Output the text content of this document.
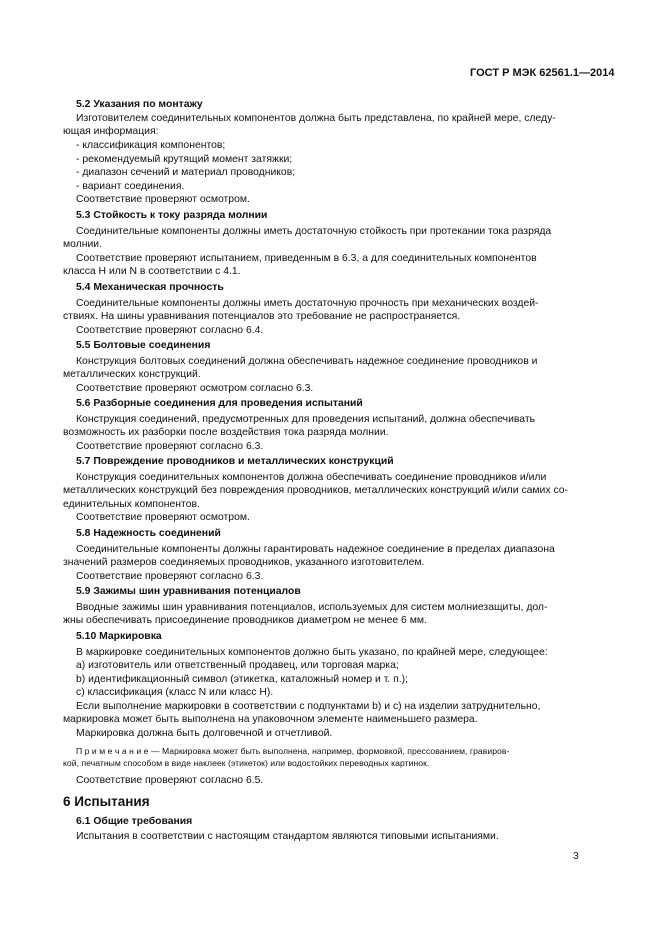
ГОСТ Р МЭК 62561.1—2014
5.2 Указания по монтажу
Изготовителем соединительных компонентов должна быть представлена, по крайней мере, следу-
ющая информация:
- классификация компонентов;
- рекомендуемый крутящий момент затяжки;
- диапазон сечений и материал проводников;
- вариант соединения.
Соответствие проверяют осмотром.
5.3 Стойкость к току разряда молнии
Соединительные компоненты должны иметь достаточную стойкость при протекании тока разряда
молнии.
Соответствие проверяют испытанием, приведенным в 6.3, а для соединительных компонентов
класса H или N в соответствии с 4.1.
5.4 Механическая прочность
Соединительные компоненты должны иметь достаточную прочность при механических воздей-
ствиях. На шины уравнивания потенциалов это требование не распространяется.
Соответствие проверяют согласно 6.4.
5.5 Болтовые соединения
Конструкция болтовых соединений должна обеспечивать надежное соединение проводников и
металлических конструкций.
Соответствие проверяют осмотром согласно 6.3.
5.6 Разборные соединения для проведения испытаний
Конструкция соединений, предусмотренных для проведения испытаний, должна обеспечивать
возможность их разборки после воздействия тока разряда молнии.
Соответствие проверяют согласно 6.3.
5.7 Повреждение проводников и металлических конструкций
Конструкция соединительных компонентов должна обеспечивать соединение проводников и/или
металлических конструкций без повреждения проводников, металлических конструкций и/или самих со-
единительных компонентов.
Соответствие проверяют осмотром.
5.8 Надежность соединений
Соединительные компоненты должны гарантировать надежное соединение в пределах диапазона
значений размеров соединяемых проводников, указанного изготовителем.
Соответствие проверяют согласно 6.3.
5.9 Зажимы шин уравнивания потенциалов
Вводные зажимы шин уравнивания потенциалов, используемых для систем молниезащиты, дол-
жны обеспечивать присоединение проводников диаметром не менее 6 мм.
5.10 Маркировка
В маркировке соединительных компонентов должно быть указано, по крайней мере, следующее:
a) изготовитель или ответственный продавец, или торговая марка;
b) идентификационный символ (этикетка, каталожный номер и т. п.);
c) классификация (класс N или класс H).
Если выполнение маркировки в соответствии с подпунктами b) и c) на изделии затруднительно,
маркировка может быть выполнена на упаковочном элементе наименьшего размера.
Маркировка должна быть долговечной и отчетливой.
П р и м е ч а н и е — Маркировка может быть выполнена, например, формовкой, прессованием, гравиров-
кой, печатным способом в виде наклеек (этикеток) или водостойких переводных картинок.
Соответствие проверяют согласно 6.5.
6 Испытания
6.1 Общие требования
Испытания в соответствии с настоящим стандартом являются типовыми испытаниями.
3
